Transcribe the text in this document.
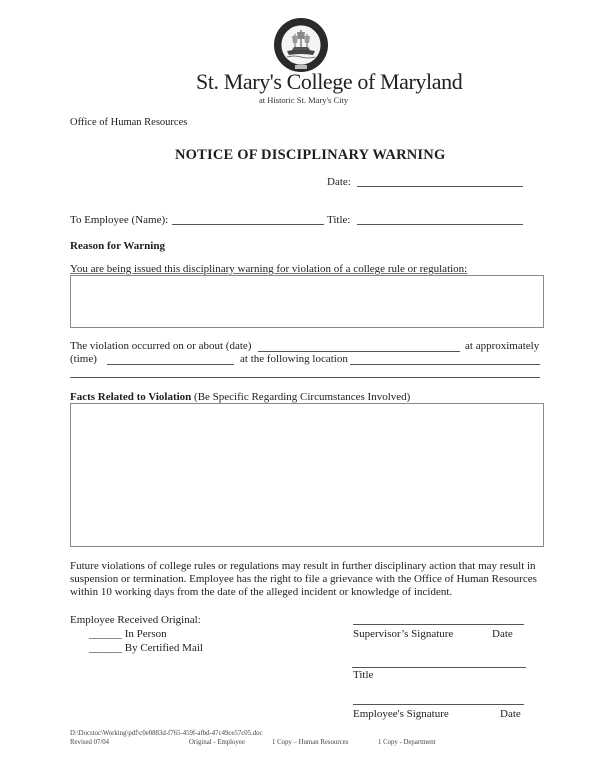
St. Mary's College of Maryland
at Historic St. Mary's City
Office of Human Resources
NOTICE OF DISCIPLINARY WARNING
Date:
To Employee (Name):	Title:
Reason for Warning
You are being issued this disciplinary warning for violation of a college rule or regulation:
The violation occurred on or about (date)	at approximately
(time)	at the following location
Facts Related to Violation (Be Specific Regarding Circumstances Involved)
Future violations of college rules or regulations may result in further disciplinary action that may result in
suspension or termination. Employee has the right to file a grievance with the Office of Human Resources
within 10 working days from the date of the alleged incident or knowledge of incident.
Employee Received Original:
______ In Person
______ By Certified Mail
Supervisor’s Signature	Date
Title
Employee's Signature	Date
D:\Docstoc\Working\pdf\c0e0883d-f765-459f-afbd-47c49ce57c05.doc
Revised 07/04	Original - Employee	1 Copy – Human Resources	1 Copy - Department
